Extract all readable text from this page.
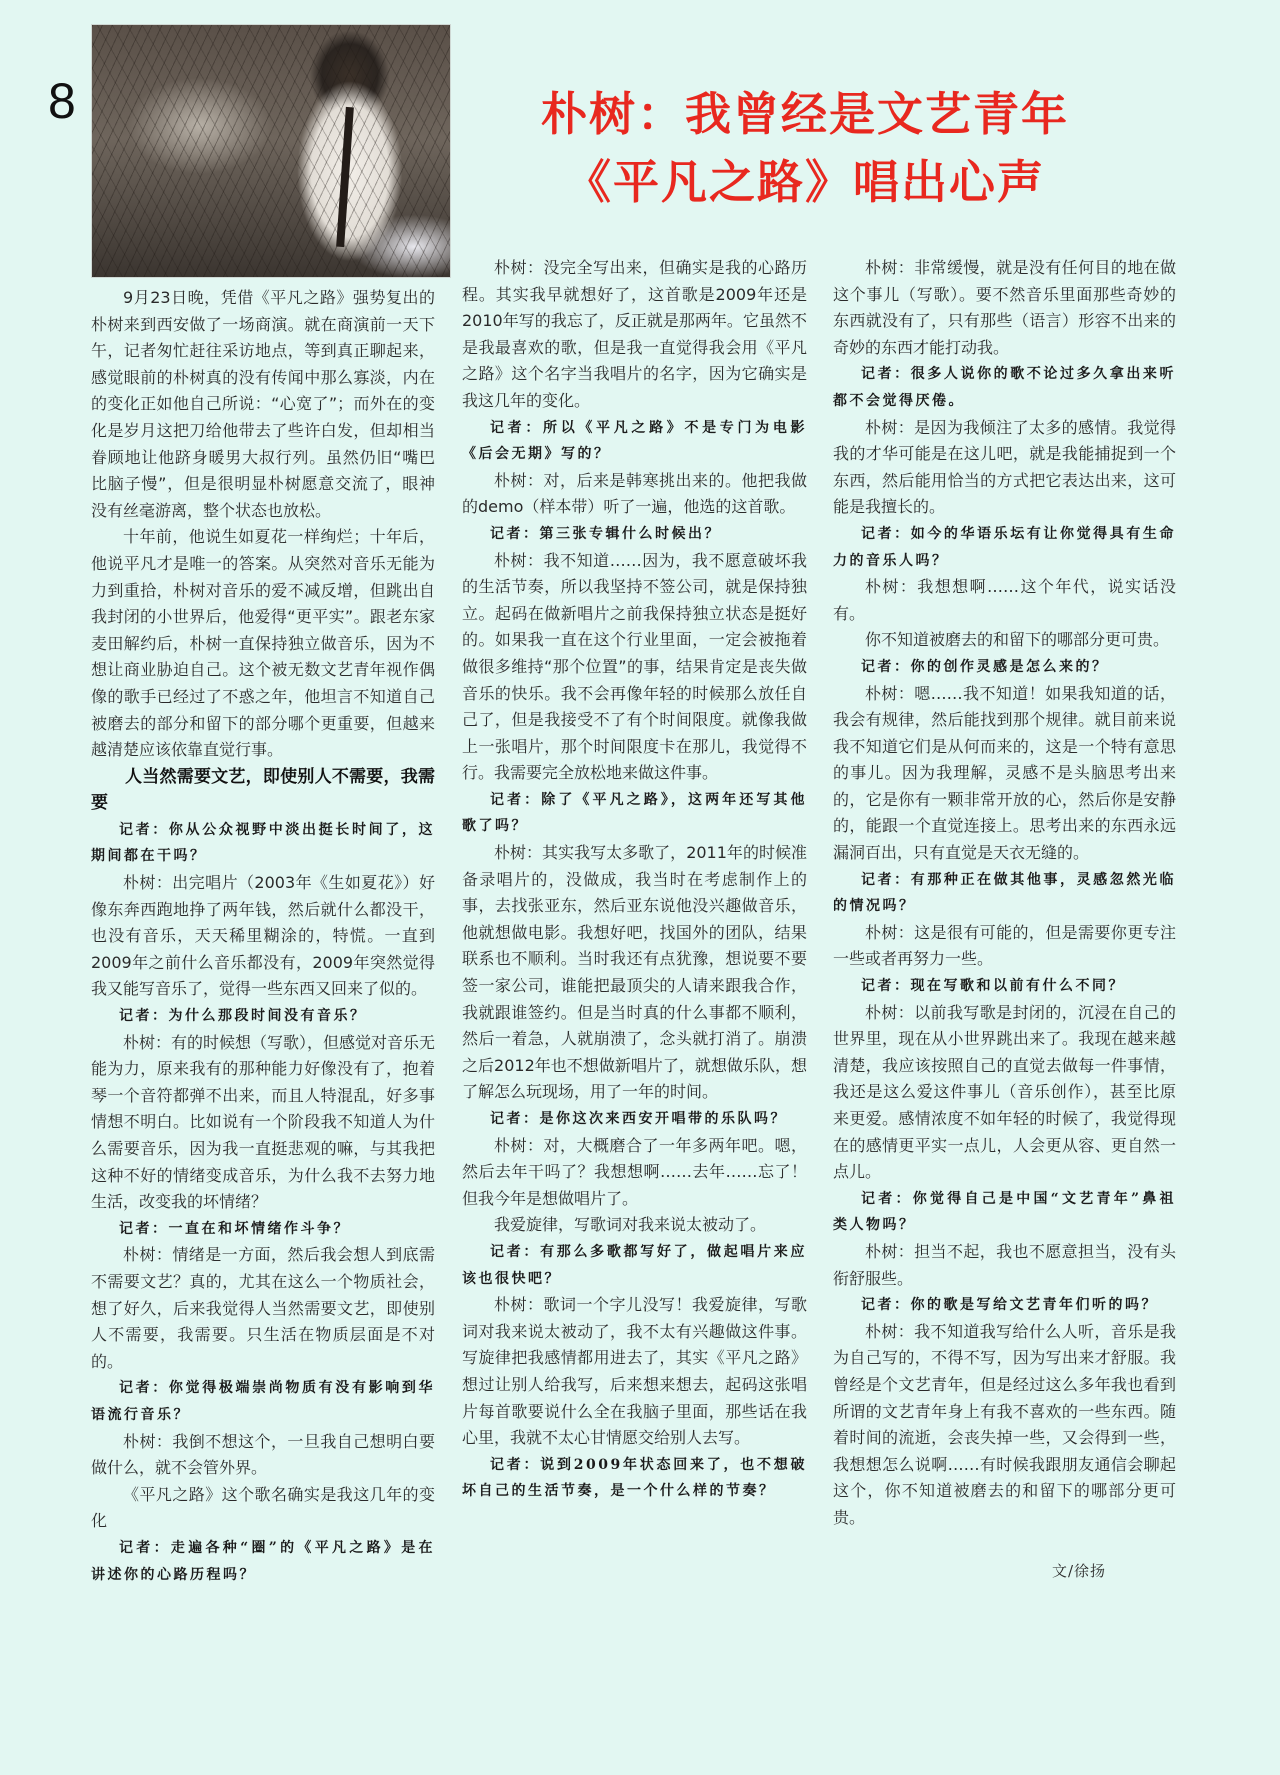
8	朴树：我曾经是文艺青年
《平凡之路》唱出心声

9月23日晚，凭借《平凡之路》强势复出的朴树来到西安做了一场商演。就在商演前一天下午，记者匆忙赶往采访地点，等到真正聊起来，感觉眼前的朴树真的没有传闻中那么寡淡，内在的变化正如他自己所说：“心宽了”；而外在的变化是岁月这把刀给他带去了些许白发，但却相当眷顾地让他跻身暖男大叔行列。虽然仍旧“嘴巴比脑子慢”，但是很明显朴树愿意交流了，眼神没有丝毫游离，整个状态也放松。

十年前，他说生如夏花一样绚烂；十年后，他说平凡才是唯一的答案。从突然对音乐无能为力到重拾，朴树对音乐的爱不减反增，但跳出自我封闭的小世界后，他爱得“更平实”。跟老东家麦田解约后，朴树一直保持独立做音乐，因为不想让商业胁迫自己。这个被无数文艺青年视作偶像的歌手已经过了不惑之年，他坦言不知道自己被磨去的部分和留下的部分哪个更重要，但越来越清楚应该依靠直觉行事。

人当然需要文艺，即使别人不需要，我需要

记者：你从公众视野中淡出挺长时间了，这期间都在干吗？

朴树：出完唱片（2003年《生如夏花》）好像东奔西跑地挣了两年钱，然后就什么都没干，也没有音乐，天天稀里糊涂的，特慌。一直到2009年之前什么音乐都没有，2009年突然觉得我又能写音乐了，觉得一些东西又回来了似的。

记者：为什么那段时间没有音乐？

朴树：有的时候想（写歌），但感觉对音乐无能为力，原来我有的那种能力好像没有了，抱着琴一个音符都弹不出来，而且人特混乱，好多事情想不明白。比如说有一个阶段我不知道人为什么需要音乐，因为我一直挺悲观的嘛，与其我把这种不好的情绪变成音乐，为什么我不去努力地生活，改变我的坏情绪？

记者：一直在和坏情绪作斗争？

朴树：情绪是一方面，然后我会想人到底需不需要文艺？真的，尤其在这么一个物质社会，想了好久，后来我觉得人当然需要文艺，即使别人不需要，我需要。只生活在物质层面是不对的。

记者：你觉得极端崇尚物质有没有影响到华语流行音乐？

朴树：我倒不想这个，一旦我自己想明白要做什么，就不会管外界。

《平凡之路》这个歌名确实是我这几年的变化

记者：走遍各种“圈”的《平凡之路》是在讲述你的心路历程吗？

朴树：没完全写出来，但确实是我的心路历程。其实我早就想好了，这首歌是2009年还是2010年写的我忘了，反正就是那两年。它虽然不是我最喜欢的歌，但是我一直觉得我会用《平凡之路》这个名字当我唱片的名字，因为它确实是我这几年的变化。

记者：所以《平凡之路》不是专门为电影《后会无期》写的？

朴树：对，后来是韩寒挑出来的。他把我做的demo（样本带）听了一遍，他选的这首歌。

记者：第三张专辑什么时候出？

朴树：我不知道……因为，我不愿意破坏我的生活节奏，所以我坚持不签公司，就是保持独立。起码在做新唱片之前我保持独立状态是挺好的。如果我一直在这个行业里面，一定会被拖着做很多维持“那个位置”的事，结果肯定是丧失做音乐的快乐。我不会再像年轻的时候那么放任自己了，但是我接受不了有个时间限度。就像我做上一张唱片，那个时间限度卡在那儿，我觉得不行。我需要完全放松地来做这件事。

记者：除了《平凡之路》，这两年还写其他歌了吗？

朴树：其实我写太多歌了，2011年的时候准备录唱片的，没做成，我当时在考虑制作上的事，去找张亚东，然后亚东说他没兴趣做音乐，他就想做电影。我想好吧，找国外的团队，结果联系也不顺利。当时我还有点犹豫，想说要不要签一家公司，谁能把最顶尖的人请来跟我合作，我就跟谁签约。但是当时真的什么事都不顺利，然后一着急，人就崩溃了，念头就打消了。崩溃之后2012年也不想做新唱片了，就想做乐队，想了解怎么玩现场，用了一年的时间。

记者：是你这次来西安开唱带的乐队吗？

朴树：对，大概磨合了一年多两年吧。嗯，然后去年干吗了？我想想啊……去年……忘了！但我今年是想做唱片了。

我爱旋律，写歌词对我来说太被动了。

记者：有那么多歌都写好了，做起唱片来应该也很快吧？

朴树：歌词一个字儿没写！我爱旋律，写歌词对我来说太被动了，我不太有兴趣做这件事。写旋律把我感情都用进去了，其实《平凡之路》想过让别人给我写，后来想来想去，起码这张唱片每首歌要说什么全在我脑子里面，那些话在我心里，我就不太心甘情愿交给别人去写。

记者：说到2009年状态回来了，也不想破坏自己的生活节奏，是一个什么样的节奏？

朴树：非常缓慢，就是没有任何目的地在做这个事儿（写歌）。要不然音乐里面那些奇妙的东西就没有了，只有那些（语言）形容不出来的奇妙的东西才能打动我。

记者：很多人说你的歌不论过多久拿出来听都不会觉得厌倦。

朴树：是因为我倾注了太多的感情。我觉得我的才华可能是在这儿吧，就是我能捕捉到一个东西，然后能用恰当的方式把它表达出来，这可能是我擅长的。

记者：如今的华语乐坛有让你觉得具有生命力的音乐人吗？

朴树：我想想啊……这个年代，说实话没有。

你不知道被磨去的和留下的哪部分更可贵。

记者：你的创作灵感是怎么来的？

朴树：嗯……我不知道！如果我知道的话，我会有规律，然后能找到那个规律。就目前来说我不知道它们是从何而来的，这是一个特有意思的事儿。因为我理解，灵感不是头脑思考出来的，它是你有一颗非常开放的心，然后你是安静的，能跟一个直觉连接上。思考出来的东西永远漏洞百出，只有直觉是天衣无缝的。

记者：有那种正在做其他事，灵感忽然光临的情况吗？

朴树：这是很有可能的，但是需要你更专注一些或者再努力一些。

记者：现在写歌和以前有什么不同？

朴树：以前我写歌是封闭的，沉浸在自己的世界里，现在从小世界跳出来了。我现在越来越清楚，我应该按照自己的直觉去做每一件事情，我还是这么爱这件事儿（音乐创作），甚至比原来更爱。感情浓度不如年轻的时候了，我觉得现在的感情更平实一点儿，人会更从容、更自然一点儿。

记者：你觉得自己是中国“文艺青年”鼻祖类人物吗？

朴树：担当不起，我也不愿意担当，没有头衔舒服些。

记者：你的歌是写给文艺青年们听的吗？

朴树：我不知道我写给什么人听，音乐是我为自己写的，不得不写，因为写出来才舒服。我曾经是个文艺青年，但是经过这么多年我也看到所谓的文艺青年身上有我不喜欢的一些东西。随着时间的流逝，会丧失掉一些，又会得到一些，我想想怎么说啊……有时候我跟朋友通信会聊起这个，你不知道被磨去的和留下的哪部分更可贵。

文/徐扬
